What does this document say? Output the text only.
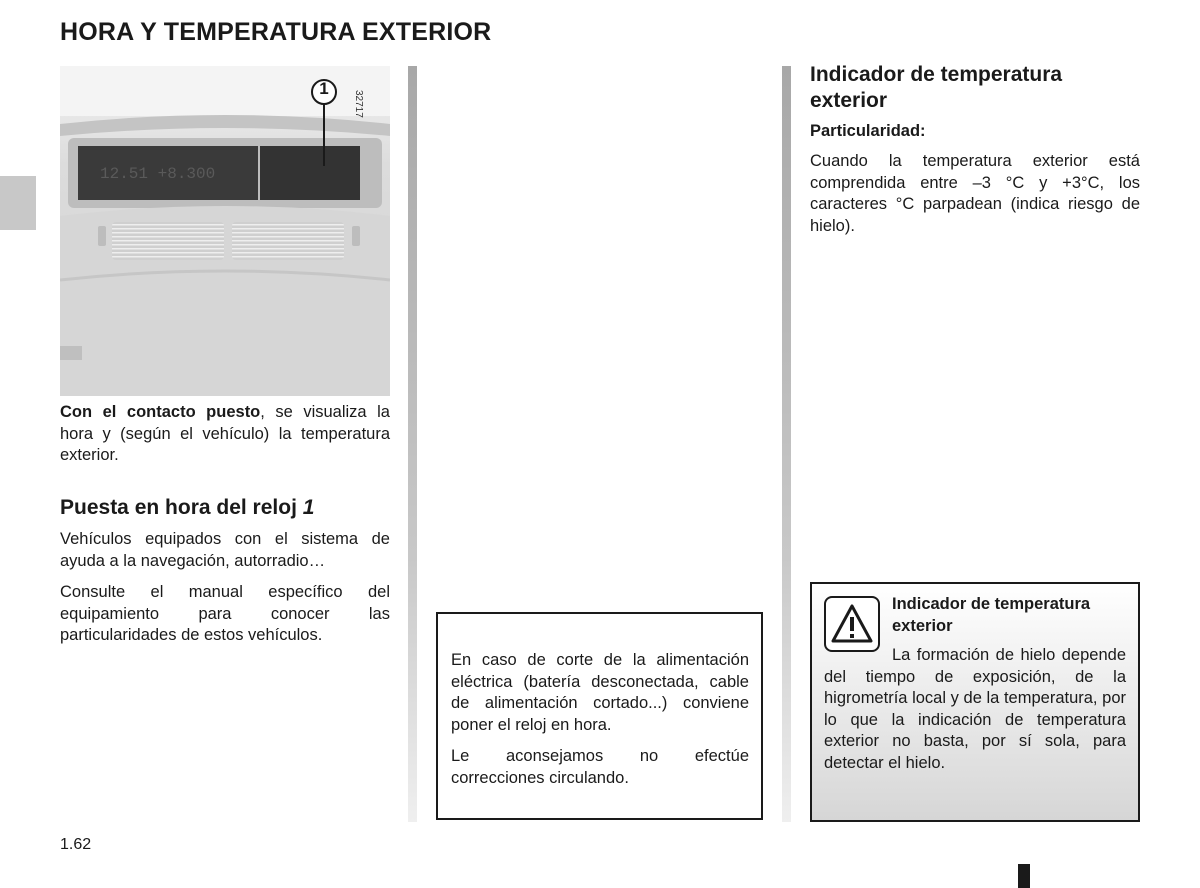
HORA Y TEMPERATURA EXTERIOR
12.51 +8.300
1
32717
Con el contacto puesto, se visualiza la hora y (según el vehículo) la temperatura exterior.
Puesta en hora del reloj 1

Vehículos equipados con el sistema de ayuda a la navegación, autorradio…

Consulte el manual específico del equipamiento para conocer las particularidades de estos vehículos.

En caso de corte de la alimentación eléctrica (batería desconectada, cable de alimentación cortado...) conviene poner el reloj en hora.

Le aconsejamos no efectúe correcciones circulando.

Indicador de temperatura exterior
Particularidad:
Cuando la temperatura exterior está comprendida entre –3 °C y +3°C, los caracteres °C parpadean (indica riesgo de hielo).
Indicador de temperatura exterior
La formación de hielo depende del tiempo de exposición, de la higrometría local y de la temperatura, por lo que la indicación de temperatura exterior no basta, por sí sola, para detectar el hielo.
1.62
